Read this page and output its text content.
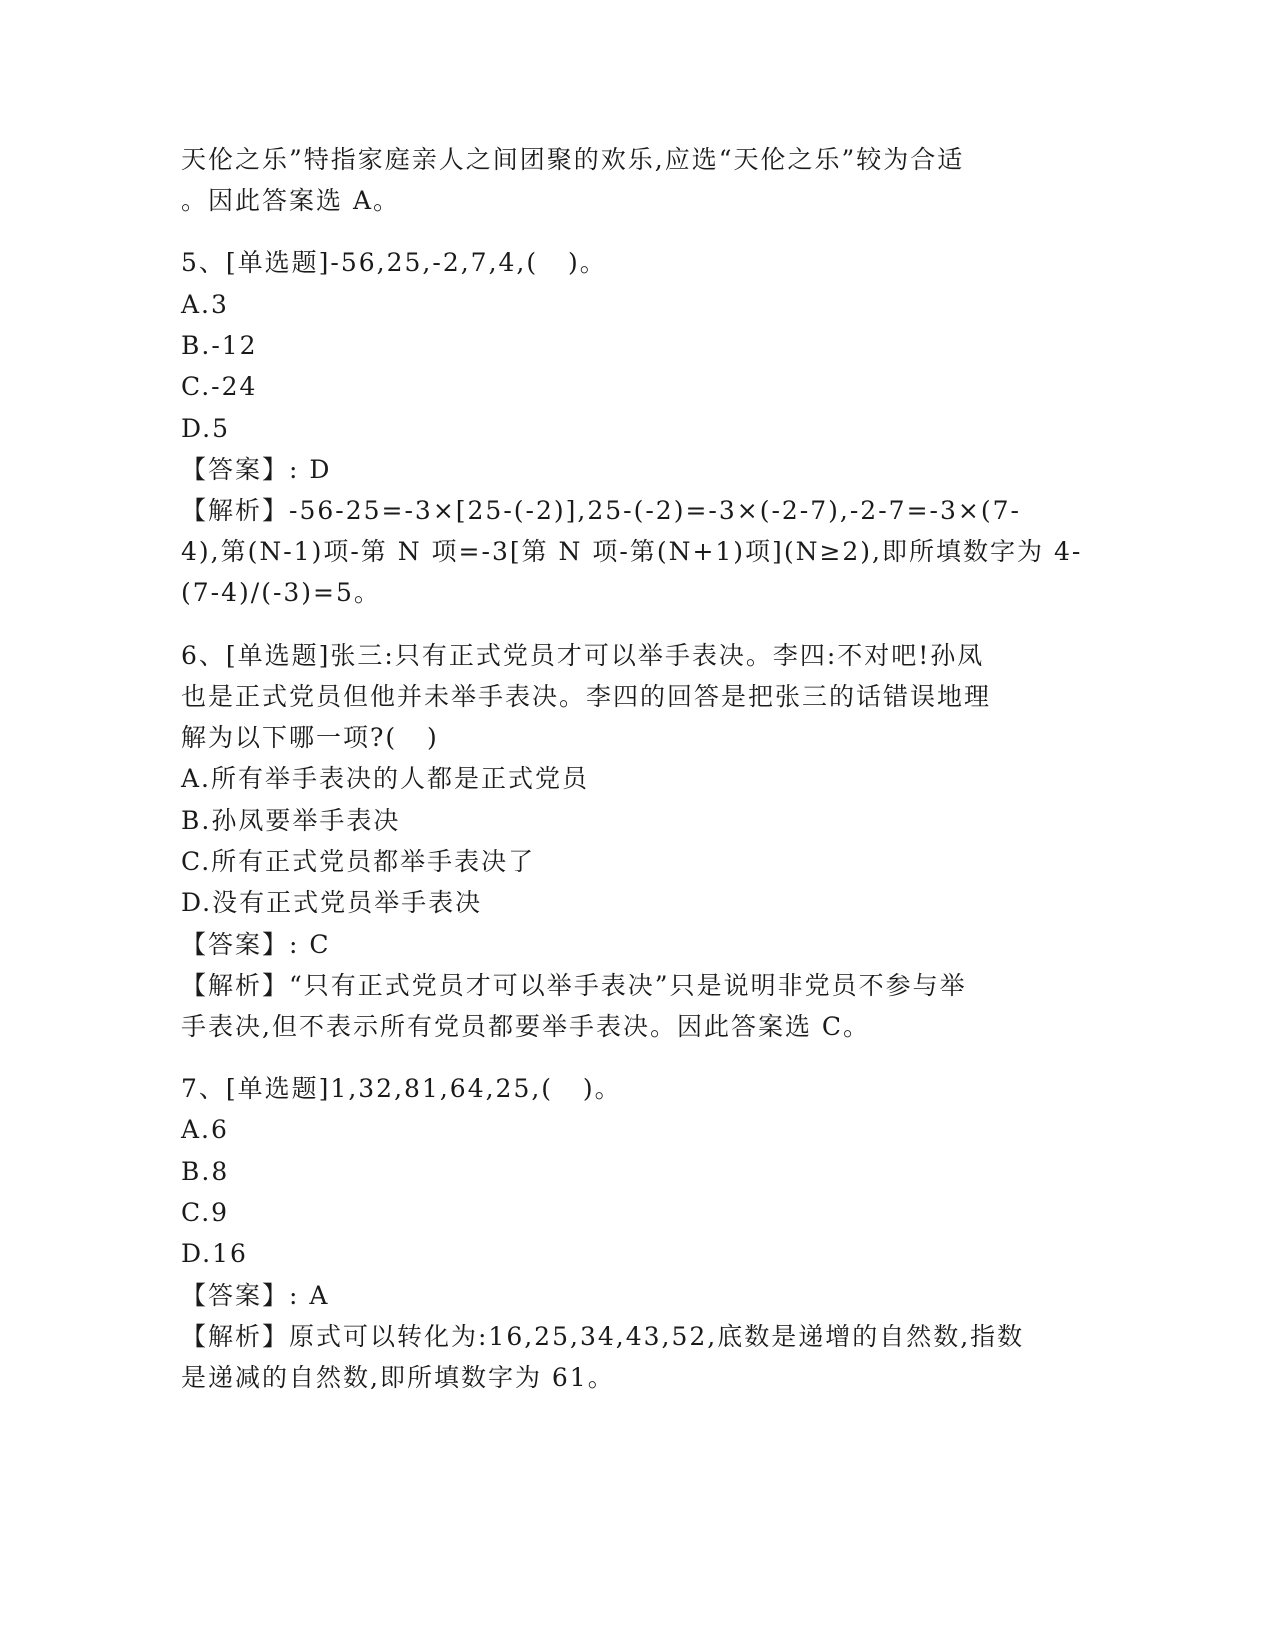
天伦之乐”特指家庭亲人之间团聚的欢乐,应选“天伦之乐”较为合适
。因此答案选 A。
5、[单选题]-56,25,-2,7,4,(   )。
A.3
B.-12
C.-24
D.5
【答案】: D
【解析】-56-25=-3×[25-(-2)],25-(-2)=-3×(-2-7),-2-7=-3×(7-
4),第(N-1)项-第 N 项=-3[第 N 项-第(N+1)项](N≥2),即所填数字为 4-
(7-4)/(-3)=5。
6、[单选题]张三:只有正式党员才可以举手表决。李四:不对吧!孙凤
也是正式党员但他并未举手表决。李四的回答是把张三的话错误地理
解为以下哪一项?(   )
A.所有举手表决的人都是正式党员
B.孙凤要举手表决
C.所有正式党员都举手表决了
D.没有正式党员举手表决
【答案】: C
【解析】“只有正式党员才可以举手表决”只是说明非党员不参与举
手表决,但不表示所有党员都要举手表决。因此答案选 C。
7、[单选题]1,32,81,64,25,(   )。
A.6
B.8
C.9
D.16
【答案】: A
【解析】原式可以转化为:16,25,34,43,52,底数是递增的自然数,指数
是递减的自然数,即所填数字为 61。
